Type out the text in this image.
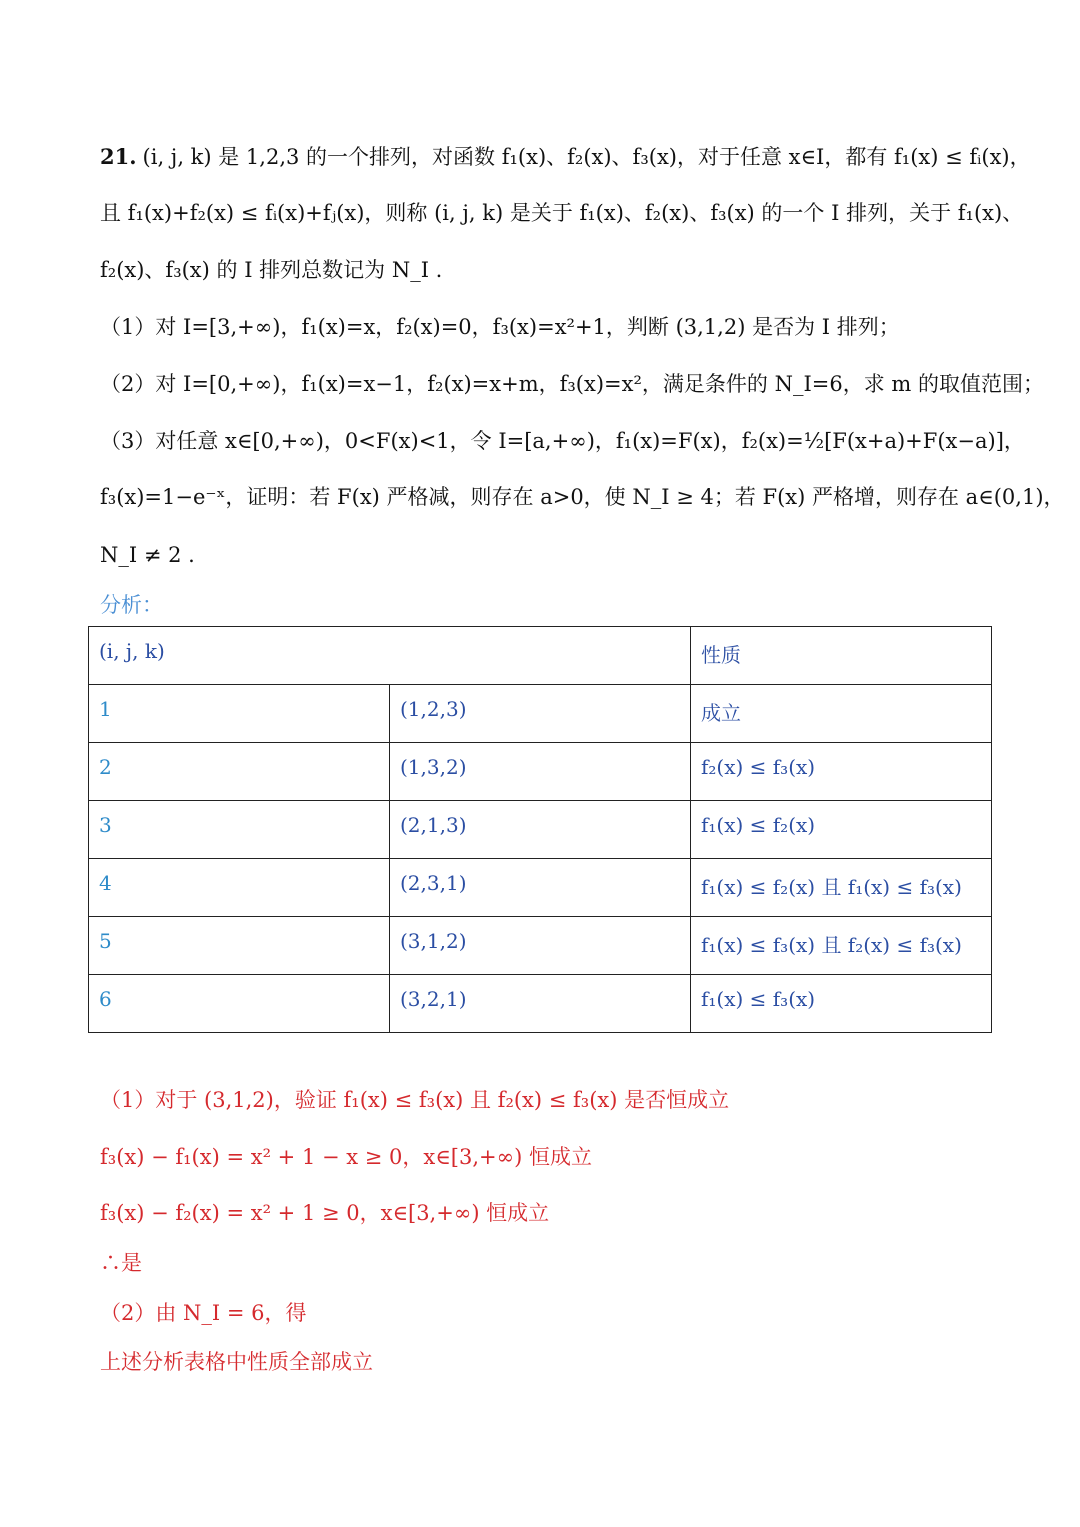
21. (i, j, k) 是 1,2,3 的一个排列，对函数 f₁(x)、f₂(x)、f₃(x)，对于任意 x∈I，都有 f₁(x) ≤ fᵢ(x)，
且 f₁(x)+f₂(x) ≤ fᵢ(x)+fⱼ(x)，则称 (i, j, k) 是关于 f₁(x)、f₂(x)、f₃(x) 的一个 I 排列，关于 f₁(x)、
f₂(x)、f₃(x) 的 I 排列总数记为 N_I .
（1）对 I=[3,+∞)，f₁(x)=x，f₂(x)=0，f₃(x)=x²+1，判断 (3,1,2) 是否为 I 排列；
（2）对 I=[0,+∞)，f₁(x)=x−1，f₂(x)=x+m，f₃(x)=x²，满足条件的 N_I=6，求 m 的取值范围；
（3）对任意 x∈[0,+∞)，0<F(x)<1，令 I=[a,+∞)，f₁(x)=F(x)，f₂(x)=½[F(x+a)+F(x−a)]，
f₃(x)=1−e⁻ˣ，证明：若 F(x) 严格减，则存在 a>0，使 N_I ≥ 4；若 F(x) 严格增，则存在 a∈(0,1)，
N_I ≠ 2 .
分析：
(i, j, k)		性质
1	(1,2,3)	成立
2	(1,3,2)	f₂(x) ≤ f₃(x)
3	(2,1,3)	f₁(x) ≤ f₂(x)
4	(2,3,1)	f₁(x) ≤ f₂(x) 且 f₁(x) ≤ f₃(x)
5	(3,1,2)	f₁(x) ≤ f₃(x) 且 f₂(x) ≤ f₃(x)
6	(3,2,1)	f₁(x) ≤ f₃(x)
（1）对于 (3,1,2)，验证 f₁(x) ≤ f₃(x) 且 f₂(x) ≤ f₃(x) 是否恒成立
f₃(x) − f₁(x) = x² + 1 − x ≥ 0，x∈[3,+∞) 恒成立
f₃(x) − f₂(x) = x² + 1 ≥ 0，x∈[3,+∞) 恒成立
∴是
（2）由 N_I = 6，得
上述分析表格中性质全部成立
